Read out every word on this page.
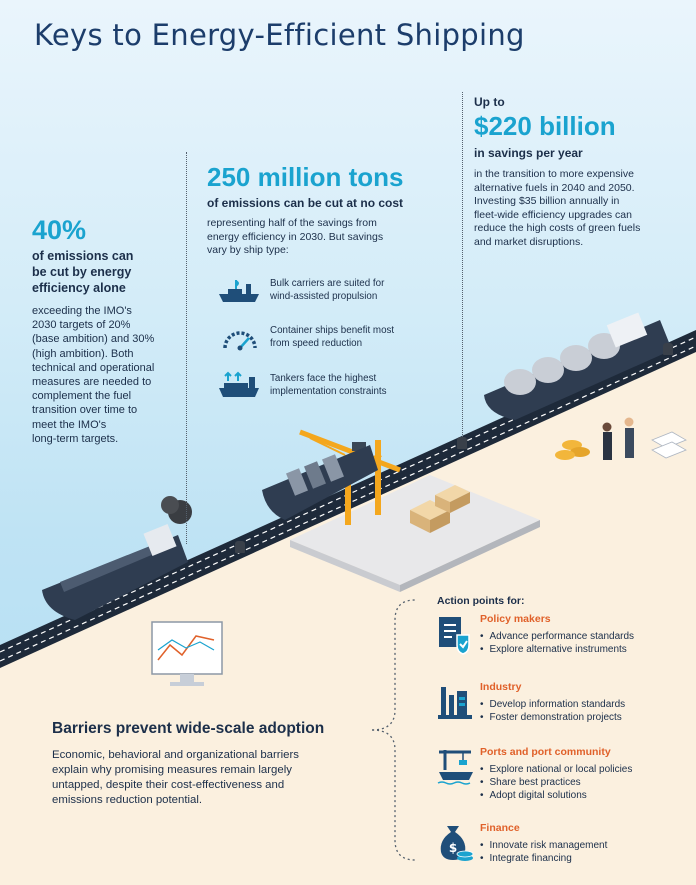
Keys to Energy-Efficient Shipping
40%
of emissions can
be cut by energy
efficiency alone
exceeding the IMO's
2030 targets of 20%
(base ambition) and 30%
(high ambition). Both
technical and operational
measures are needed to
complement the fuel
transition over time to
meet the IMO's
long-term targets.
250 million tons
of emissions can be cut at no cost
representing half of the savings from
energy efficiency in 2030. But savings
vary by ship type:
Bulk carriers are suited for
wind-assisted propulsion
Container ships benefit most
from speed reduction
Tankers face the highest
implementation constraints
Up to
$220 billion
in savings per year
in the transition to more expensive
alternative fuels in 2040 and 2050.
Investing $35 billion annually in
fleet-wide efficiency upgrades can
reduce the high costs of green fuels
and market disruptions.
Barriers prevent wide-scale adoption
Economic, behavioral and organizational barriers
explain why promising measures remain largely
untapped, despite their cost-effectiveness and
emissions reduction potential.
Action points for:
Policy makers
• Advance performance standards
• Explore alternative instruments
Industry
• Develop information standards
• Foster demonstration projects
Ports and port community
• Explore national or local policies
• Share best practices
• Adopt digital solutions
$
Finance
• Innovate risk management
• Integrate financing
